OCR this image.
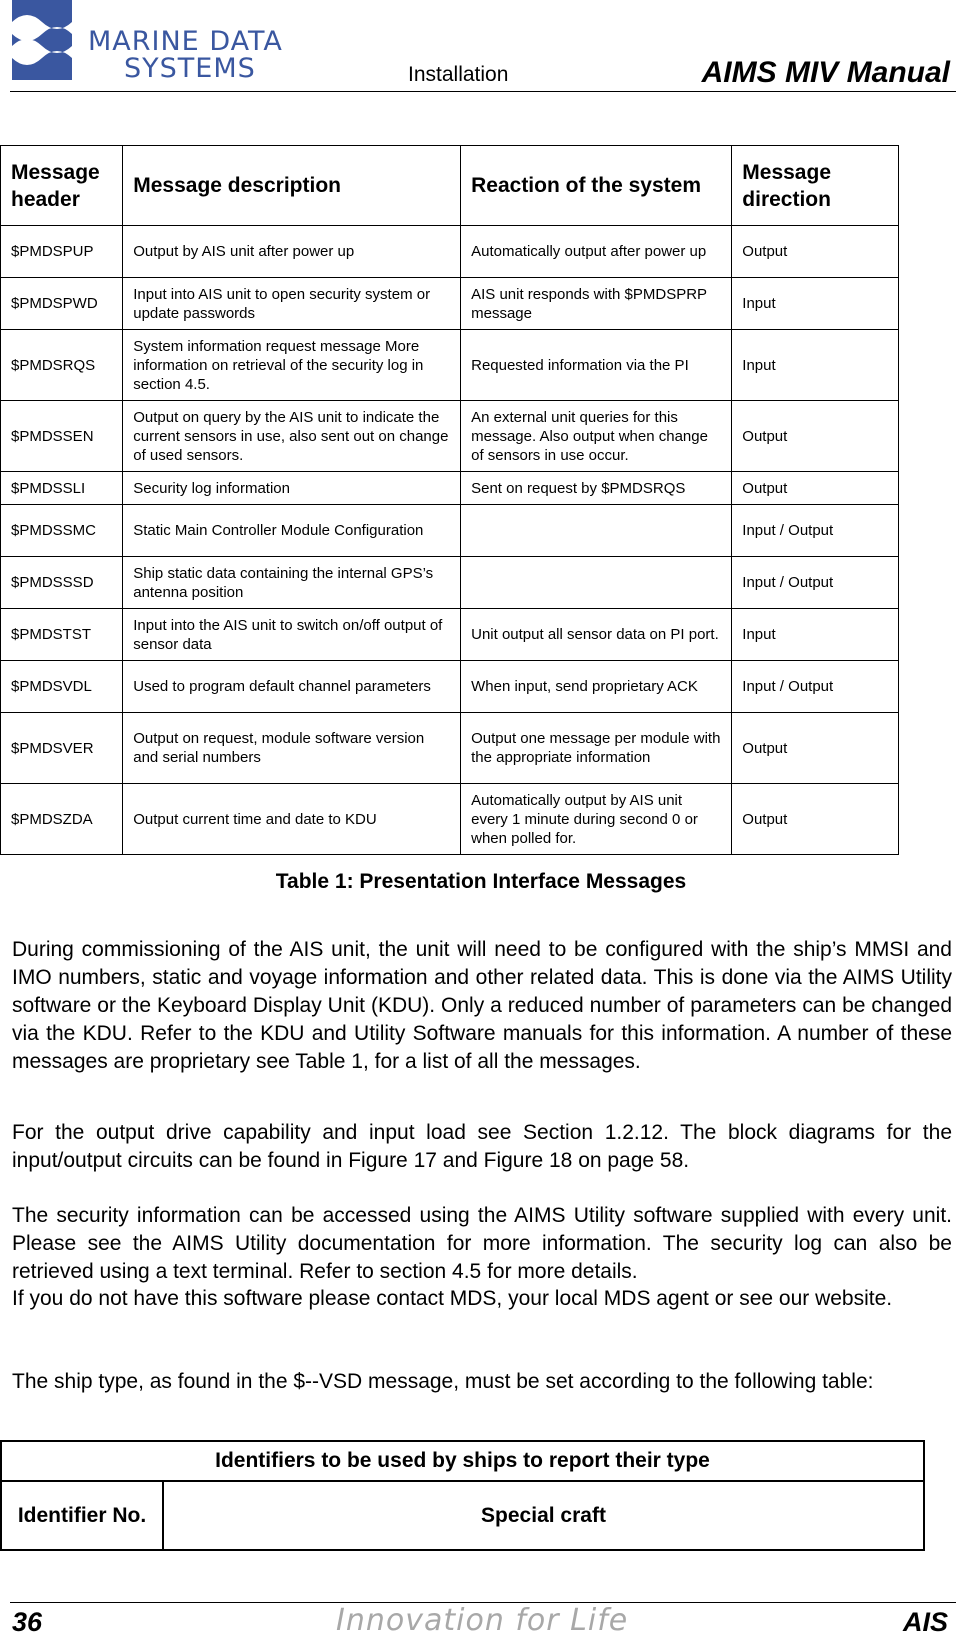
MARINE DATA
SYSTEMS	Installation	AIMS MIV Manual
Message header	Message description	Reaction of the system	Message direction
$PMDSPUP	Output by AIS unit after power up	Automatically output after power up	Output
$PMDSPWD	Input into AIS unit to open security system or update passwords	AIS unit responds with $PMDSPRP message	Input
$PMDSRQS	System information request message More information on retrieval of the security log in section 4.5.	Requested information via the PI	Input
$PMDSSEN	Output on query by the AIS unit to indicate the current sensors in use, also sent out on change of used sensors.	An external unit queries for this message. Also output when change of sensors in use occur.	Output
$PMDSSLI	Security log information	Sent on request by $PMDSRQS	Output
$PMDSSMC	Static Main Controller Module Configuration		Input / Output
$PMDSSSD	Ship static data containing the internal GPS’s antenna position		Input / Output
$PMDSTST	Input into the AIS unit to switch on/off output of sensor data	Unit output all sensor data on PI port.	Input
$PMDSVDL	Used to program default channel parameters	When input, send proprietary ACK	Input / Output
$PMDSVER	Output on request, module software version and serial numbers	Output one message per module with the appropriate information	Output
$PMDSZDA	Output current time and date to KDU	Automatically output by AIS unit every 1 minute during second 0 or when polled for.	Output
Table 1: Presentation Interface Messages
During commissioning of the AIS unit, the unit will need to be configured with the ship’s MMSI and IMO numbers, static and voyage information and other related data. This is done via the AIMS Utility software or the Keyboard Display Unit (KDU). Only a reduced number of parameters can be changed via the KDU. Refer to the KDU and Utility Software manuals for this information. A number of these messages are proprietary see Table 1, for a list of all the messages.
For the output drive capability and input load see Section 1.2.12. The block diagrams for the input/output circuits can be found in Figure 17 and Figure 18 on page 58.
The security information can be accessed using the AIMS Utility software supplied with every unit. Please see the AIMS Utility documentation for more information. The security log can also be retrieved using a text terminal. Refer to section 4.5 for more details.
If you do not have this software please contact MDS, your local MDS agent or see our website.
The ship type, as found in the $--VSD message, must be set according to the following table:
Identifiers to be used by ships to report their type
Identifier No.	Special craft
36	Innovation for Life	AIS
